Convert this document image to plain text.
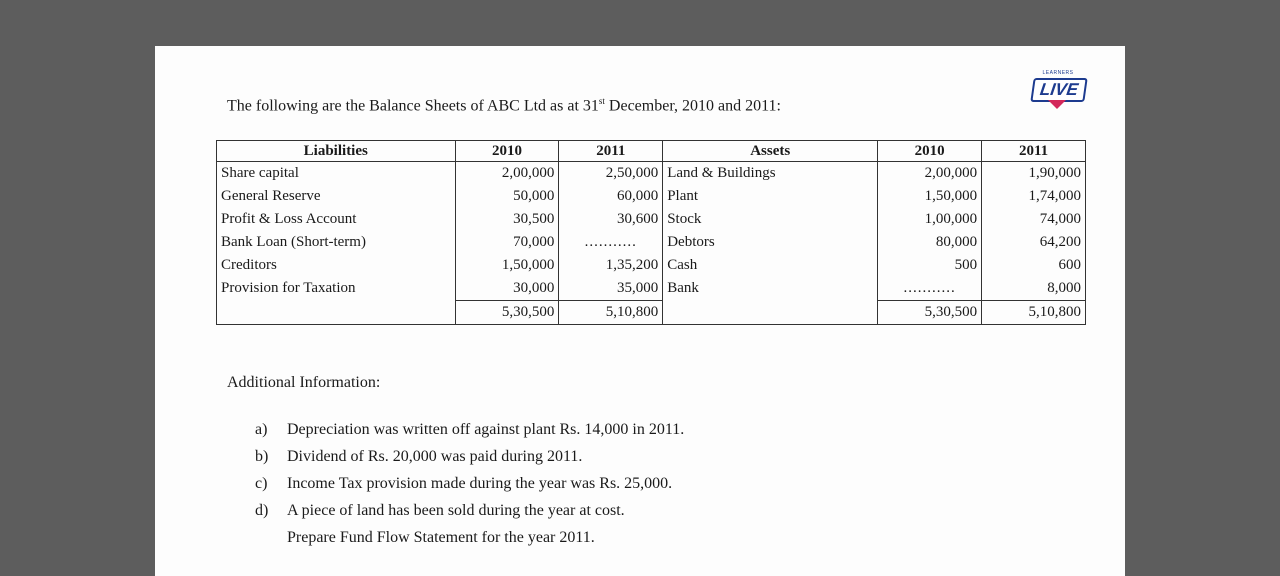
LEARNERS
LIVE
The following are the Balance Sheets of ABC Ltd as at 31st December, 2010 and 2011:
Liabilities	2010	2011	Assets	2010	2011
Share capital	2,00,000	2,50,000	Land & Buildings	2,00,000	1,90,000
General Reserve	50,000	60,000	Plant	1,50,000	1,74,000
Profit & Loss Account	30,500	30,600	Stock	1,00,000	74,000
Bank Loan (Short-term)	70,000	...........	Debtors	80,000	64,200
Creditors	1,50,000	1,35,200	Cash	500	600
Provision for Taxation	30,000	35,000	Bank	...........	8,000
	5,30,500	5,10,800		5,30,500	5,10,800
Additional Information:
a)	Depreciation was written off against plant Rs. 14,000 in 2011.
b)	Dividend of Rs. 20,000 was paid during 2011.
c)	Income Tax provision made during the year was Rs. 25,000.
d)	A piece of land has been sold during the year at cost.
Prepare Fund Flow Statement for the year 2011.
